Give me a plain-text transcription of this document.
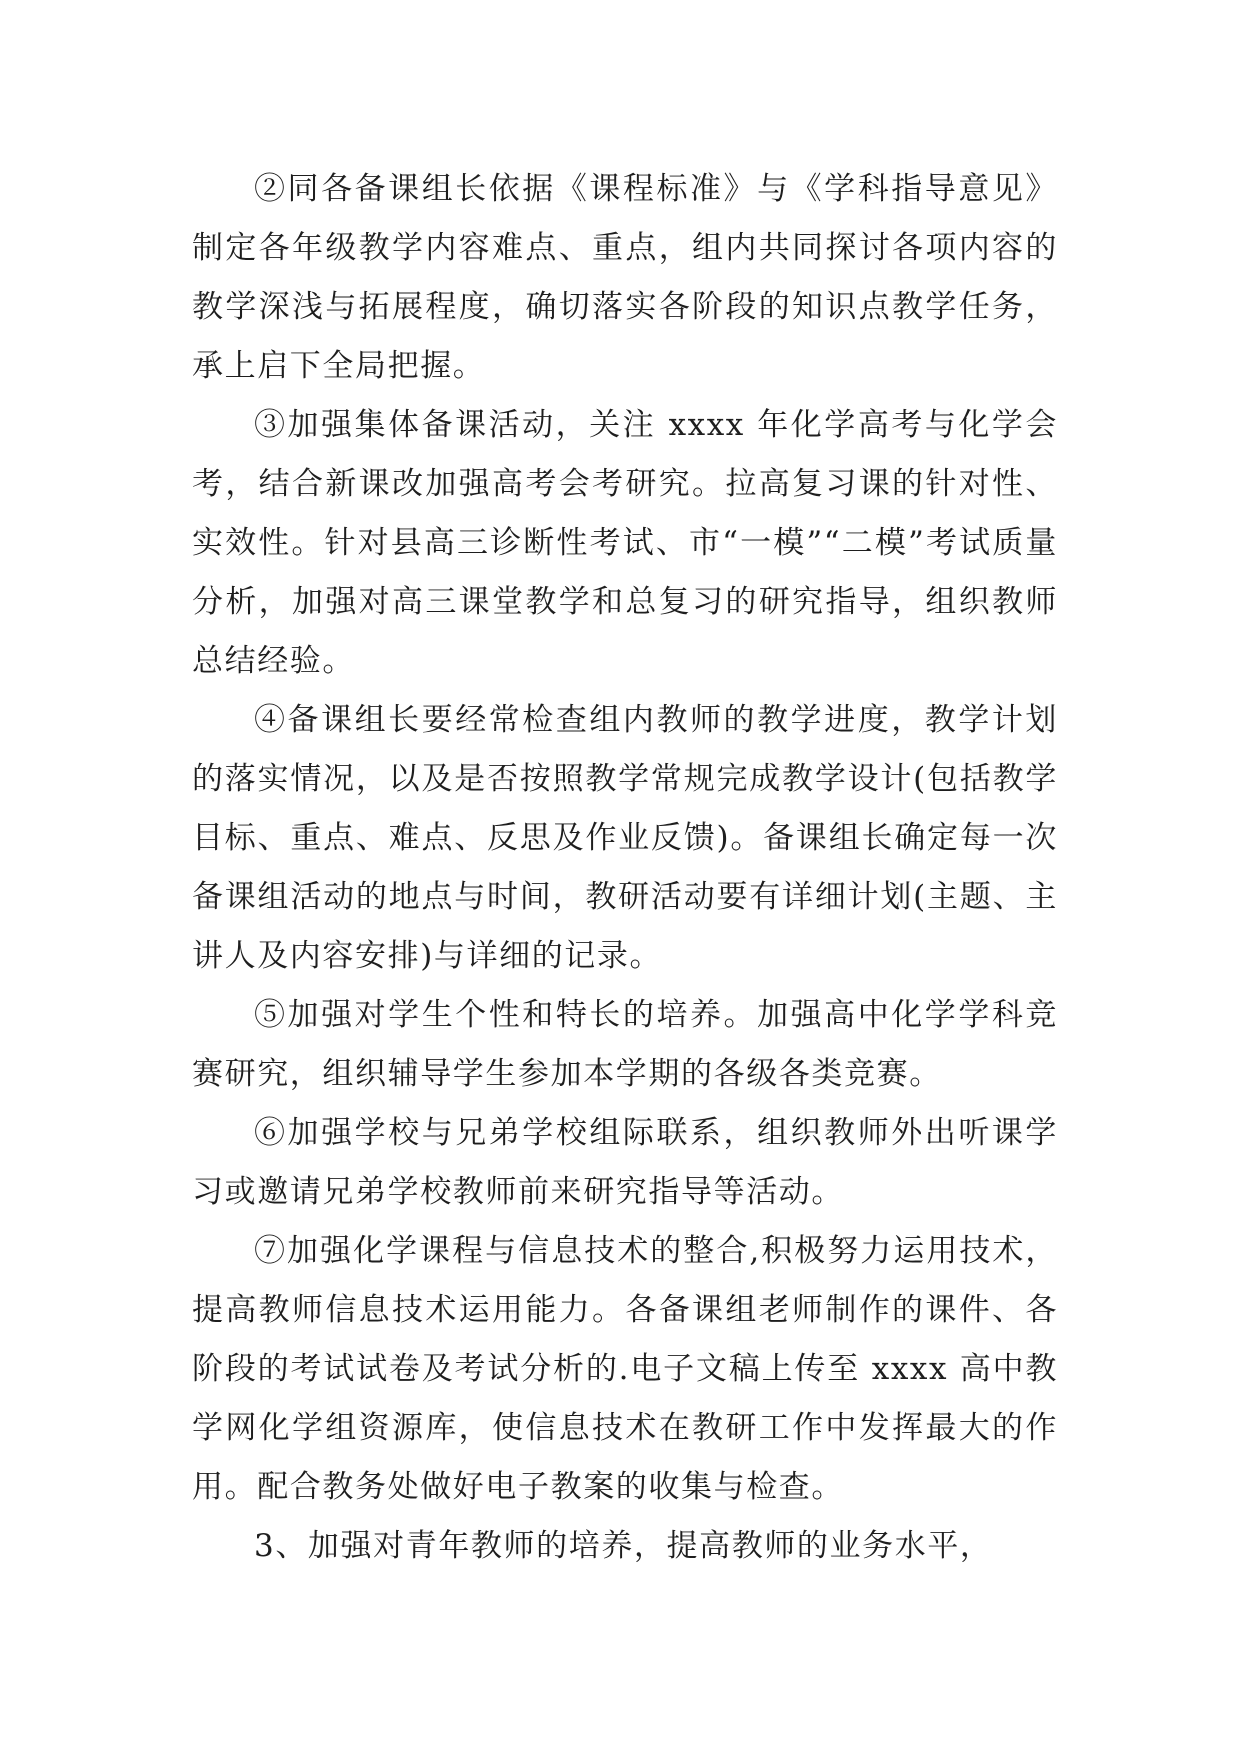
②同各备课组长依据《课程标准》与《学科指导意见》制定各年级教学内容难点、重点，组内共同探讨各项内容的教学深浅与拓展程度，确切落实各阶段的知识点教学任务，承上启下全局把握。

③加强集体备课活动，关注 xxxx 年化学高考与化学会考，结合新课改加强高考会考研究。拉高复习课的针对性、实效性。针对县高三诊断性考试、市“一模”“二模”考试质量分析，加强对高三课堂教学和总复习的研究指导，组织教师总结经验。

④备课组长要经常检查组内教师的教学进度，教学计划的落实情况，以及是否按照教学常规完成教学设计(包括教学目标、重点、难点、反思及作业反馈)。备课组长确定每一次备课组活动的地点与时间，教研活动要有详细计划(主题、主讲人及内容安排)与详细的记录。

⑤加强对学生个性和特长的培养。加强高中化学学科竞赛研究，组织辅导学生参加本学期的各级各类竞赛。

⑥加强学校与兄弟学校组际联系，组织教师外出听课学习或邀请兄弟学校教师前来研究指导等活动。

⑦加强化学课程与信息技术的整合,积极努力运用技术，提高教师信息技术运用能力。各备课组老师制作的课件、各阶段的考试试卷及考试分析的.电子文稿上传至 xxxx 高中教学网化学组资源库，使信息技术在教研工作中发挥最大的作用。配合教务处做好电子教案的收集与检查。

3、加强对青年教师的培养，提高教师的业务水平，
